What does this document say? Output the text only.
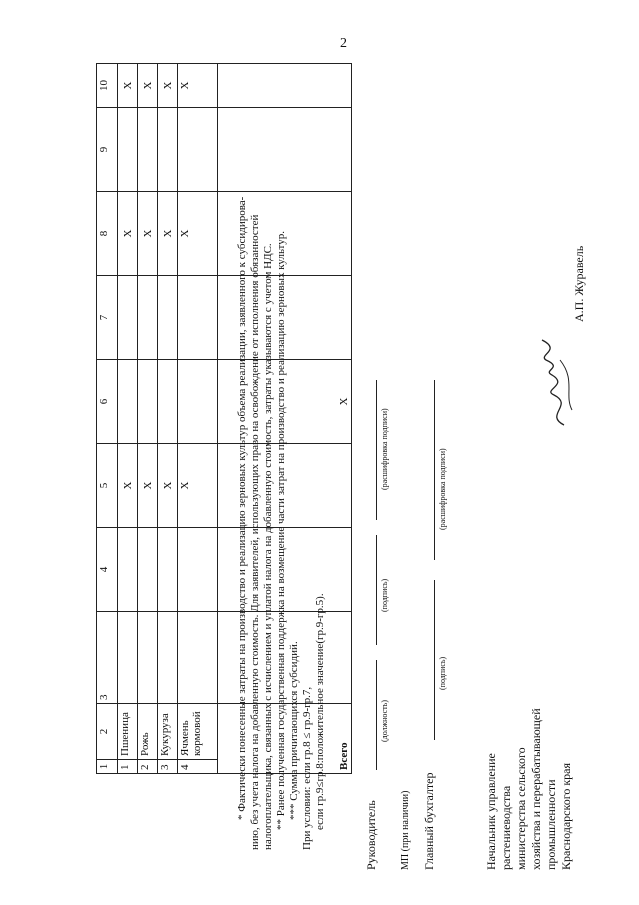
2
1	2	3	4	5	6	7	8	9	10
1	Пшеница			X			X		X
2	Рожь			X			X		X
3	Кукуруза			X			X		X
4	Ячмень кормовой			X			X		X
Всего					X				

* Фактически понесенные затраты на производство и реализацию зерновых культур объема реализации, заявленного к субсидирова- нию, без учета налога на добавленную стоимость. Для заявителей, использующих право на освобождение от исполнения обязанностей налогоплательщика, связанных с исчислением и уплатой налога на добавленную стоимость, затраты указываются с учетом НДС. ** Ранее полученная государственная поддержка на возмещение части затрат на производство и реализацию зерновых культур. *** Сумма причитающихся субсидий. При условии: если гр.8 ≤ гр.9-гр.7, если гр.9≤гр.8:положительное значение(гр.9-гр.5).

Руководитель
(должность)
(подпись)
(расшифровка подписи)
МП (при наличии) Главный бухгалтер
(подпись)
(расшифровка подписи)
Начальник управление растениеводства министерства сельского хозяйства и перерабатывающей промышленности Краснодарского края
А.П. Журавель
